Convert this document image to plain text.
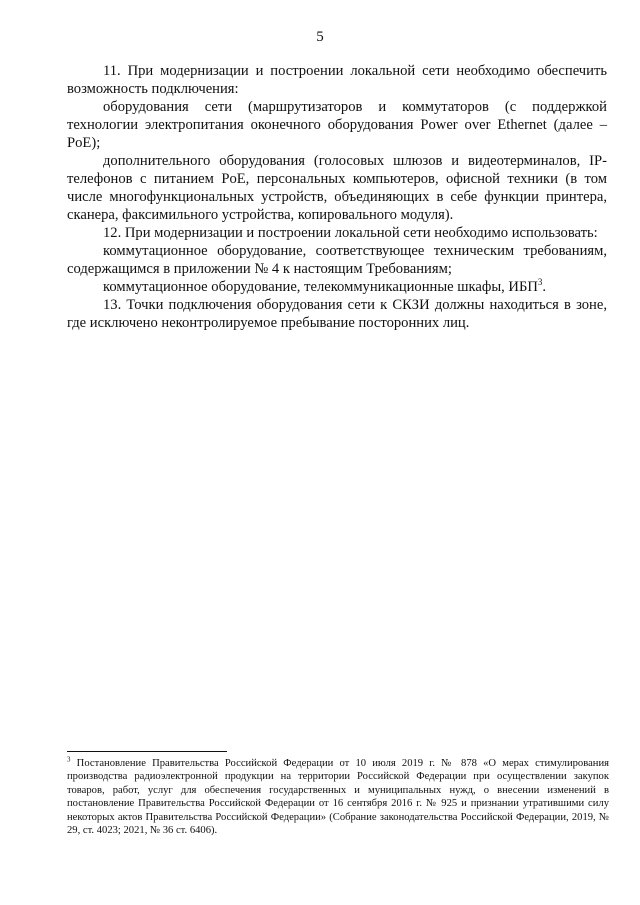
5

11. При модернизации и построении локальной сети необходимо обеспечить возможность подключения:

оборудования сети (маршрутизаторов и коммутаторов (с поддержкой технологии электропитания оконечного оборудования Power over Ethernet (далее – PoE);

дополнительного оборудования (голосовых шлюзов и видеотерминалов, IP-телефонов с питанием PoE, персональных компьютеров, офисной техники (в том числе многофункциональных устройств, объединяющих в себе функции принтера, сканера, факсимильного устройства, копировального модуля).

12. При модернизации и построении локальной сети необходимо использовать:

коммутационное оборудование, соответствующее техническим требованиям, содержащимся в приложении № 4 к настоящим Требованиям;

коммутационное оборудование, телекоммуникационные шкафы, ИБП$^3$.

13. Точки подключения оборудования сети к СКЗИ должны находиться в зоне, где исключено неконтролируемое пребывание посторонних лиц.

$^3$ Постановление Правительства Российской Федерации от 10 июля 2019 г. № 878 «О мерах стимулирования производства радиоэлектронной продукции на территории Российской Федерации при осуществлении закупок товаров, работ, услуг для обеспечения государственных и муниципальных нужд, о внесении изменений в постановление Правительства Российской Федерации от 16 сентября 2016 г. № 925 и признании утратившими силу некоторых актов Правительства Российской Федерации» (Собрание законодательства Российской Федерации, 2019, № 29, ст. 4023; 2021, № 36 ст. 6406).
